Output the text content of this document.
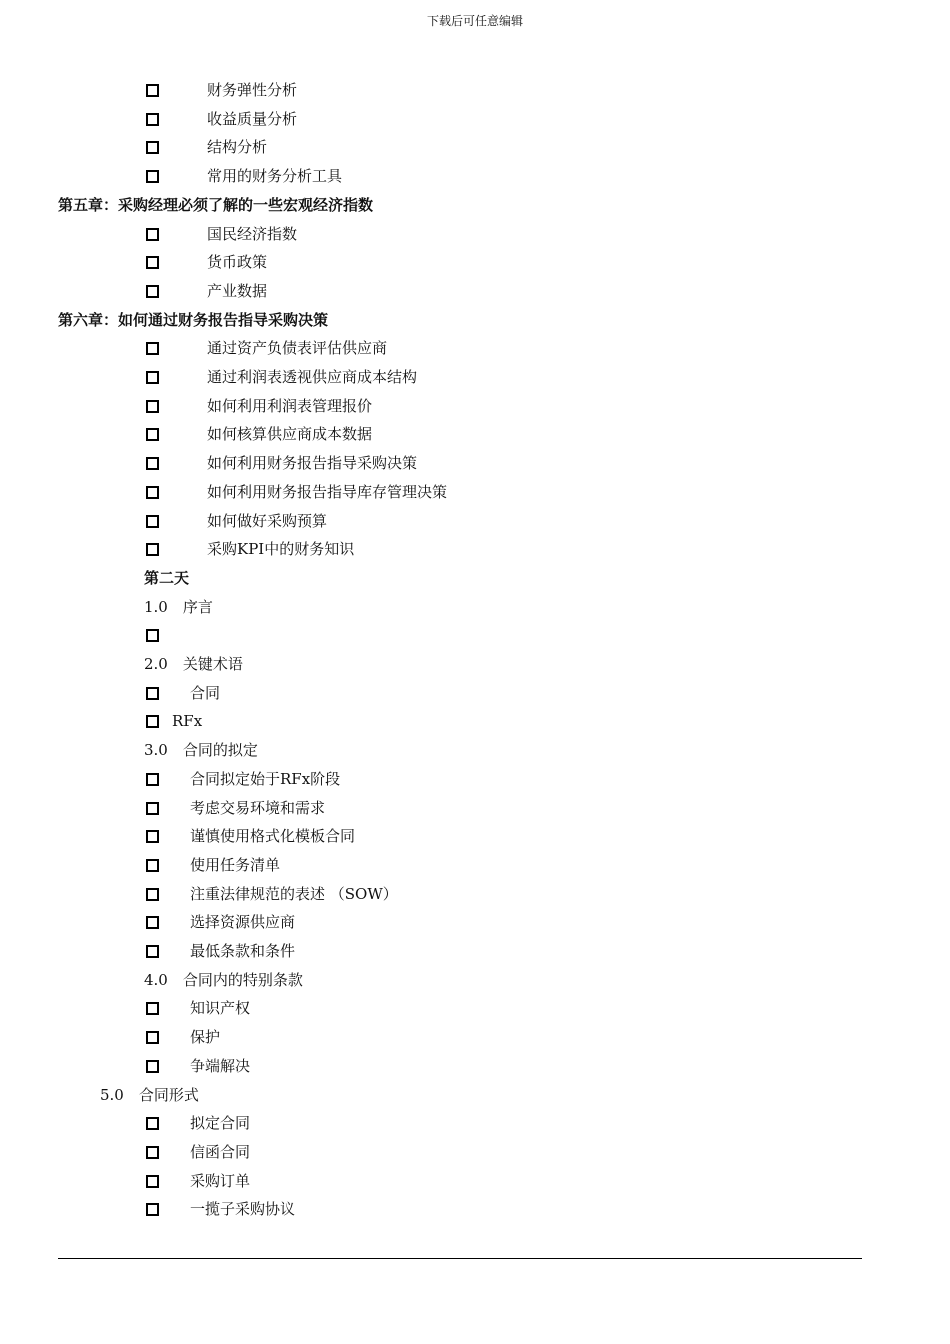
下载后可任意编辑
财务弹性分析
收益质量分析
结构分析
常用的财务分析工具
第五章：采购经理必须了解的一些宏观经济指数
国民经济指数
货币政策
产业数据
第六章：如何通过财务报告指导采购决策
通过资产负债表评估供应商
通过利润表透视供应商成本结构
如何利用利润表管理报价
如何核算供应商成本数据
如何利用财务报告指导采购决策
如何利用财务报告指导库存管理决策
如何做好采购预算
采购KPI中的财务知识
第二天
1.0　序言
2.0　关键术语
合同
RFx
3.0　合同的拟定
合同拟定始于RFx阶段
考虑交易环境和需求
谨慎使用格式化模板合同
使用任务清单
注重法律规范的表述 （SOW）
选择资源供应商
最低条款和条件
4.0　合同内的特别条款
知识产权
保护
争端解决
5.0　合同形式
拟定合同
信函合同
采购订单
一揽子采购协议
